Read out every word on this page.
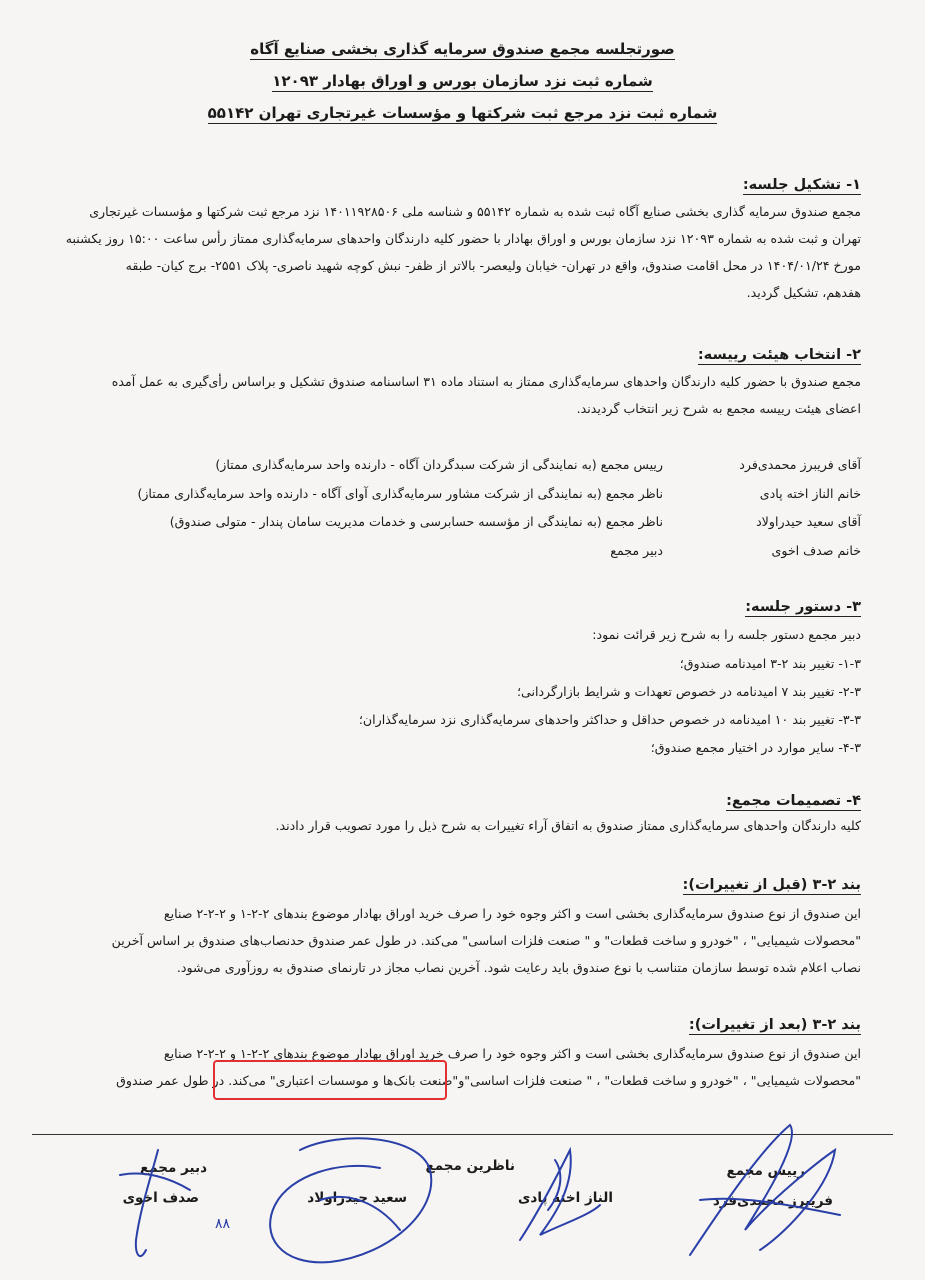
صورتجلسه مجمع صندوق سرمایه گذاری بخشی صنایع آگاه
شماره ثبت نزد سازمان بورس و اوراق بهادار ۱۲۰۹۳
شماره ثبت نزد مرجع ثبت شرکتها و مؤسسات غیرتجاری تهران ۵۵۱۴۲
۱- تشکیل جلسه:
مجمع صندوق سرمایه گذاری بخشی صنایع آگاه ثبت شده به شماره ۵۵۱۴۲ و شناسه ملی ۱۴۰۱۱۹۲۸۵۰۶ نزد مرجع ثبت شرکتها و مؤسسات غیرتجاری
تهران و ثبت شده به شماره ۱۲۰۹۳ نزد سازمان بورس و اوراق بهادار با حضور کلیه دارندگان واحدهای سرمایه‌گذاری ممتاز رأس ساعت ۱۵:۰۰ روز یکشنبه
مورخ ۱۴۰۴/۰۱/۲۴ در محل اقامت صندوق، واقع در تهران- خیابان ولیعصر- بالاتر از ظفر- نبش کوچه شهید ناصری- پلاک ۲۵۵۱- برج کیان- طبقه
هفدهم، تشکیل گردید.
۲- انتخاب هیئت رییسه:
مجمع صندوق با حضور کلیه دارندگان واحدهای سرمایه‌گذاری ممتاز به استناد ماده ۳۱ اساسنامه صندوق تشکیل و براساس رأی‌گیری به عمل آمده
اعضای هیئت رییسه مجمع به شرح زیر انتخاب گردیدند.
آقای فریبرز محمدی‌فرد
رییس مجمع (به نمایندگی از شرکت سبدگردان آگاه - دارنده واحد سرمایه‌گذاری ممتاز)
خانم الناز اخته پادی
ناظر مجمع (به نمایندگی از شرکت مشاور سرمایه‌گذاری آوای آگاه - دارنده واحد سرمایه‌گذاری ممتاز)
آقای سعید حیدراولاد
ناظر مجمع (به نمایندگی از مؤسسه حسابرسی و خدمات مدیریت سامان پندار - متولی صندوق)
خانم صدف اخوی
دبیر مجمع
۳- دستور جلسه:
دبیر مجمع دستور جلسه را به شرح زیر قرائت نمود:
۱-۳- تغییر بند ۲-۳ امیدنامه صندوق؛
۲-۳- تغییر بند ۷ امیدنامه در خصوص تعهدات و شرایط بازارگردانی؛
۳-۳- تغییر بند ۱۰ امیدنامه در خصوص حداقل و حداکثر واحدهای سرمایه‌گذاری نزد سرمایه‌گذاران؛
۴-۳- سایر موارد در اختیار مجمع صندوق؛
۴- تصمیمات مجمع:
کلیه دارندگان واحدهای سرمایه‌گذاری ممتاز صندوق به اتفاق آراء تغییرات به شرح ذیل را مورد تصویب قرار دادند.
بند ۲-۳ (قبل از تغییرات):
این صندوق از نوع صندوق سرمایه‌گذاری بخشی است و اکثر وجوه خود را صرف خرید اوراق بهادار موضوع بندهای ۲-۲-۱ و ۲-۲-۲ صنایع
"محصولات شیمیایی" ، "خودرو و ساخت قطعات" و " صنعت فلزات اساسی" می‌کند. در طول عمر صندوق حدنصاب‌های صندوق بر اساس آخرین
نصاب اعلام شده توسط سازمان متناسب با نوع صندوق باید رعایت شود. آخرین نصاب مجاز در تارنمای صندوق به روزآوری می‌شود.
بند ۲-۳ (بعد از تغییرات):
این صندوق از نوع صندوق سرمایه‌گذاری بخشی است و اکثر وجوه خود را صرف خرید اوراق بهادار موضوع بندهای ۲-۲-۱ و ۲-۲-۲ صنایع
"محصولات شیمیایی" ، "خودرو و ساخت قطعات" ، " صنعت فلزات اساسی"و"صنعت بانک‌ها و موسسات اعتباری" می‌کند. در طول عمر صندوق
رییس مجمع
فریبرز محمدی‌فرد
ناظرین مجمع
الناز اخته پادی
سعید حیدراولاد
دبیر مجمع
صدف اخوی
۸۸
